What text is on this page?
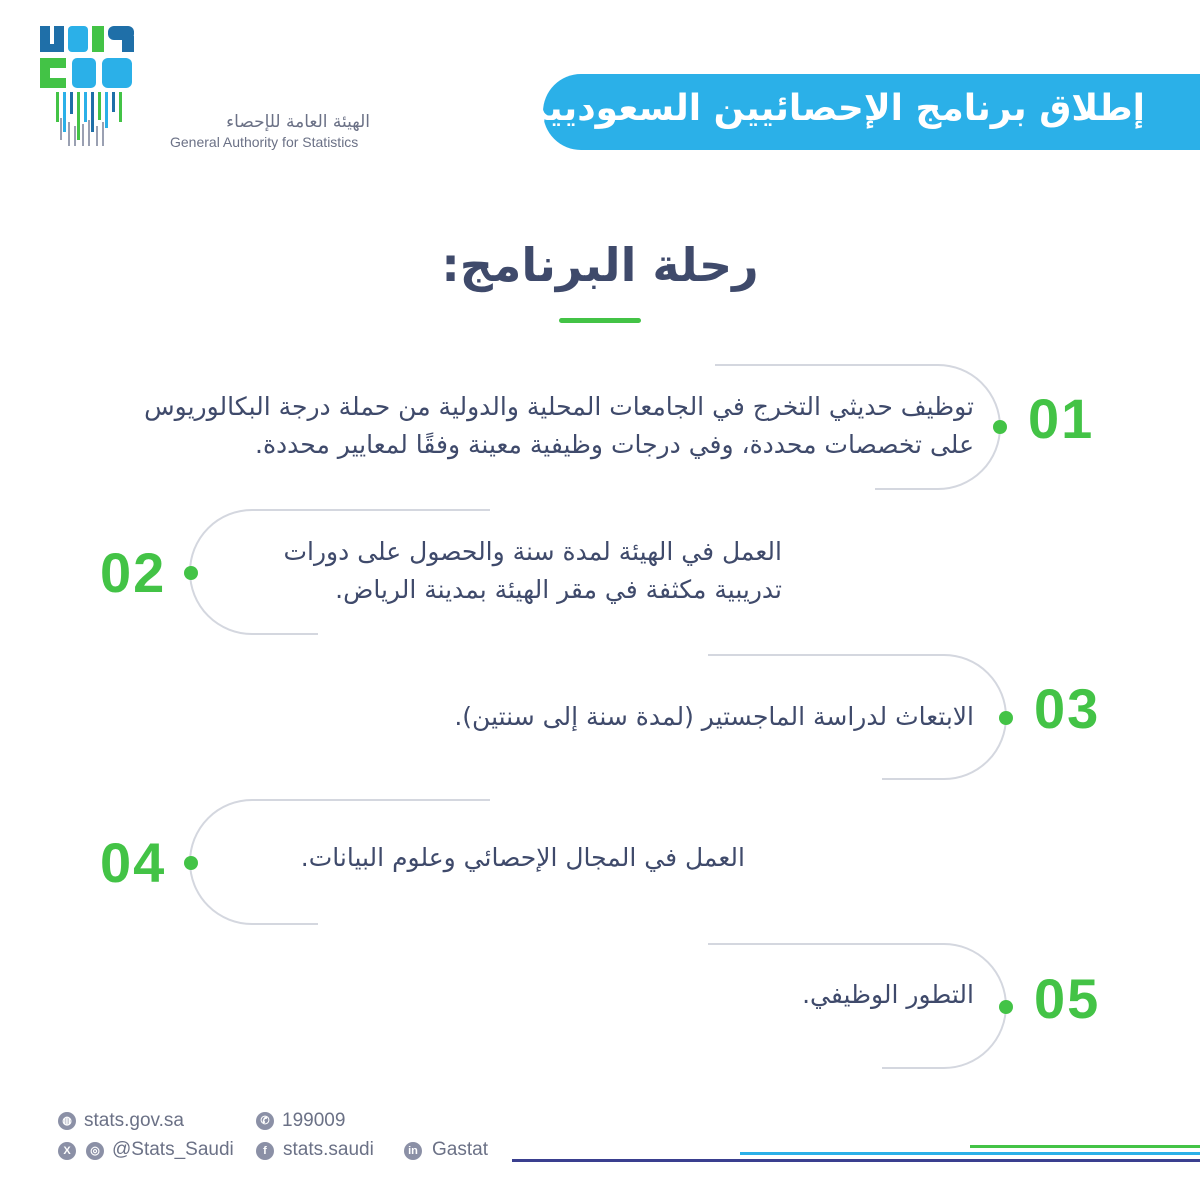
الهيئة العامة للإحصاء
General Authority for Statistics
إطلاق برنامج الإحصائيين السعوديين
رحلة البرنامج:
01
توظيف حديثي التخرج في الجامعات المحلية والدولية من حملة درجة البكالوريوس
على تخصصات محددة، وفي درجات وظيفية معينة وفقًا لمعايير محددة.
02	العمل في الهيئة لمدة سنة والحصول على دورات
تدريبية مكثفة في مقر الهيئة بمدينة الرياض.
03
الابتعاث لدراسة الماجستير (لمدة سنة إلى سنتين).
04	العمل في المجال الإحصائي وعلوم البيانات.
05
التطور الوظيفي.
◍ stats.gov.sa	✆ 199009
X	◎ @Stats_Saudi	f stats.saudi	in Gastat
